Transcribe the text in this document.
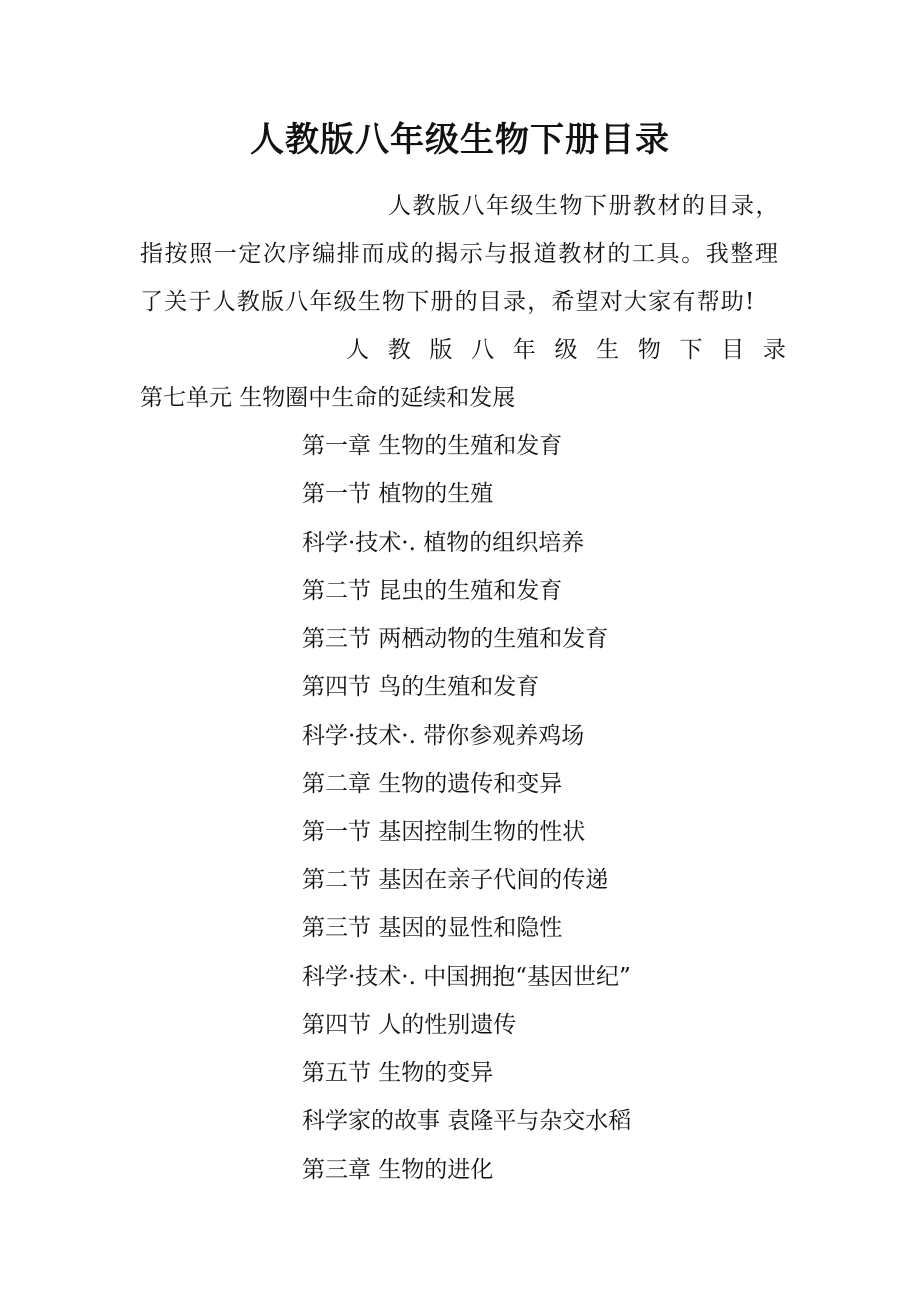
人教版八年级生物下册目录
人教版八年级生物下册教材的目录，
指按照一定次序编排而成的揭示与报道教材的工具。我整理
了关于人教版八年级生物下册的目录，希望对大家有帮助!
人 教 版 八 年 级 生 物 下 目 录
第七单元 生物圈中生命的延续和发展
第一章 生物的生殖和发育
第一节 植物的生殖
科学·技术·. 植物的组织培养
第二节 昆虫的生殖和发育
第三节 两栖动物的生殖和发育
第四节 鸟的生殖和发育
科学·技术·. 带你参观养鸡场
第二章 生物的遗传和变异
第一节 基因控制生物的性状
第二节 基因在亲子代间的传递
第三节 基因的显性和隐性
科学·技术·. 中国拥抱“基因世纪”
第四节 人的性别遗传
第五节 生物的变异
科学家的故事 袁隆平与杂交水稻
第三章 生物的进化
